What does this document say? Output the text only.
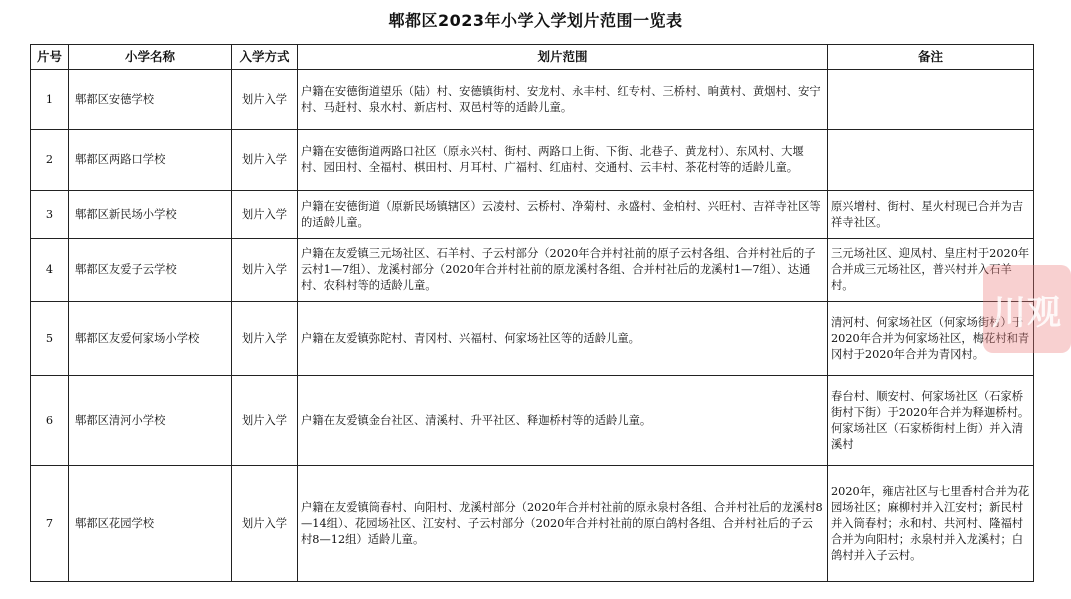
郫都区2023年小学入学划片范围一览表
片号	小学名称	入学方式	划片范围	备注
1	郫都区安德学校	划片入学	户籍在安德街道望乐（陆）村、安德镇街村、安龙村、永丰村、红专村、三桥村、晌黄村、黄烟村、安宁村、马赶村、泉水村、新店村、双邑村等的适龄儿童。	
2	郫都区两路口学校	划片入学	户籍在安德街道两路口社区（原永兴村、街村、两路口上街、下街、北巷子、黄龙村）、东风村、大堰村、园田村、全福村、棋田村、月耳村、广福村、红庙村、交通村、云丰村、茶花村等的适龄儿童。	
3	郫都区新民场小学校	划片入学	户籍在安德街道（原新民场镇辖区）云凌村、云桥村、净菊村、永盛村、金柏村、兴旺村、吉祥寺社区等的适龄儿童。	原兴增村、街村、星火村现已合并为吉祥寺社区。
4	郫都区友爱子云学校	划片入学	户籍在友爱镇三元场社区、石羊村、子云村部分（2020年合并村社前的原子云村各组、合并村社后的子云村1—7组）、龙溪村部分（2020年合并村社前的原龙溪村各组、合并村社后的龙溪村1—7组）、达通村、农科村等的适龄儿童。	三元场社区、迎凤村、皇庄村于2020年合并成三元场社区，普兴村并入石羊村。
5	郫都区友爱何家场小学校	划片入学	户籍在友爱镇弥陀村、青冈村、兴福村、何家场社区等的适龄儿童。	清河村、何家场社区（何家场街村）于2020年合并为何家场社区，梅花村和青冈村于2020年合并为青冈村。
6	郫都区清河小学校	划片入学	户籍在友爱镇金台社区、清溪村、升平社区、释迦桥村等的适龄儿童。	春台村、顺安村、何家场社区（石家桥街村下街）于2020年合并为释迦桥村。何家场社区（石家桥街村上街）并入清溪村
7	郫都区花园学校	划片入学	户籍在友爱镇筒春村、向阳村、龙溪村部分（2020年合并村社前的原永泉村各组、合并村社后的龙溪村8—14组）、花园场社区、江安村、子云村部分（2020年合并村社前的原白鸽村各组、合并村社后的子云村8—12组）适龄儿童。	2020年，雍店社区与七里香村合并为花园场社区；麻柳村并入江安村；新民村并入筒春村；永和村、共河村、隆福村合并为向阳村；永泉村并入龙溪村；白鸽村并入子云村。
川观
